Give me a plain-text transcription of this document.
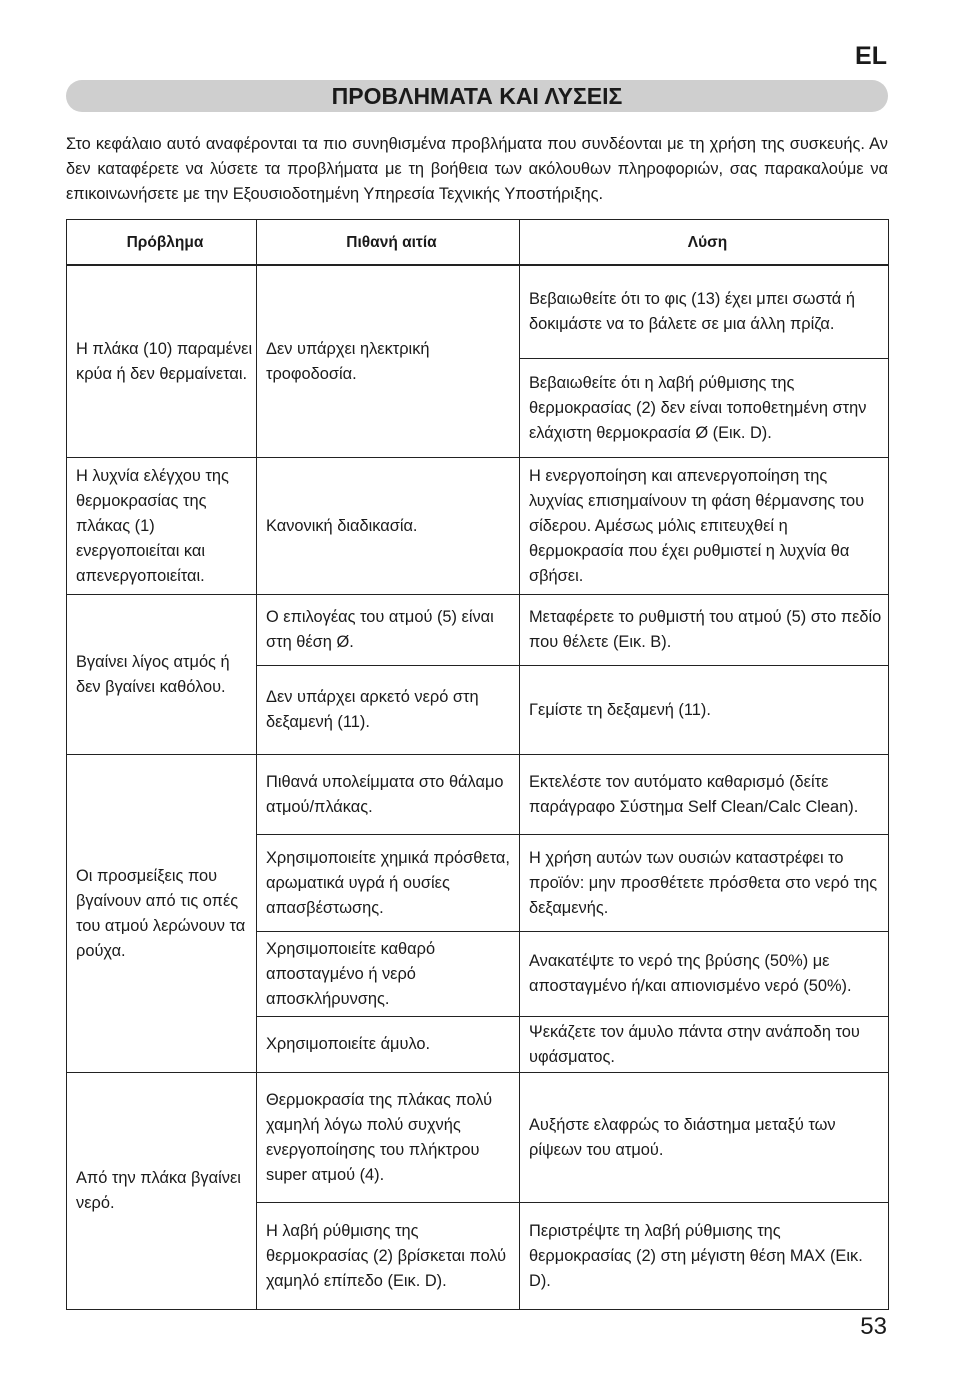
EL
ΠΡΟΒΛΗΜΑΤΑ ΚΑΙ ΛΥΣΕΙΣ

Στο κεφάλαιο αυτό αναφέρονται τα πιο συνηθισμένα προβλήματα που συνδέονται με τη χρήση της συσκευής. Αν δεν καταφέρετε να λύσετε τα προβλήματα με τη βοήθεια των ακόλουθων πληροφοριών, σας παρακαλούμε να επικοινωνήσετε με την Εξουσιοδοτημένη Υπηρεσία Τεχνικής Υποστήριξης.

Πρόβλημα	Πιθανή αιτία	Λύση
Η πλάκα (10) παραμένει κρύα ή δεν θερμαίνεται.	Δεν υπάρχει ηλεκτρική τροφοδοσία.	Βεβαιωθείτε ότι το φις (13) έχει μπει σωστά ή δοκιμάστε να το βάλετε σε μια άλλη πρίζα.
		Βεβαιωθείτε ότι η λαβή ρύθμισης της θερμοκρασίας (2) δεν είναι τοποθετημένη στην ελάχιστη θερμοκρασία Ø (Εικ. D).
Η λυχνία ελέγχου της θερμοκρασίας της πλάκας (1) ενεργοποιείται και απενεργοποιείται.	Κανονική διαδικασία.	Η ενεργοποίηση και απενεργοποίηση της λυχνίας επισημαίνουν τη φάση θέρμανσης του σίδερου. Αμέσως μόλις επιτευχθεί η θερμοκρασία που έχει ρυθμιστεί η λυχνία θα σβήσει.
Βγαίνει λίγος ατμός ή δεν βγαίνει καθόλου.	Ο επιλογέας του ατμού (5) είναι στη θέση Ø.	Μεταφέρετε το ρυθμιστή του ατμού (5) στο πεδίο που θέλετε (Εικ. B).
	Δεν υπάρχει αρκετό νερό στη δεξαμενή (11).	Γεμίστε τη δεξαμενή (11).
Οι προσμείξεις που βγαίνουν από τις οπές του ατμού λερώνουν τα ρούχα.	Πιθανά υπολείμματα στο θάλαμο ατμού/πλάκας.	Εκτελέστε τον αυτόματο καθαρισμό (δείτε παράγραφο Σύστημα Self Clean/Calc Clean).
	Χρησιμοποιείτε χημικά πρόσθετα, αρωματικά υγρά ή ουσίες απασβέστωσης.	Η χρήση αυτών των ουσιών καταστρέφει το προϊόν: μην προσθέτετε πρόσθετα στο νερό της δεξαμενής.
	Χρησιμοποιείτε καθαρό αποσταγμένο ή νερό αποσκλήρυνσης.	Ανακατέψτε το νερό της βρύσης (50%) με αποσταγμένο ή/και απιονισμένο νερό (50%).
	Χρησιμοποιείτε άμυλο.	Ψεκάζετε τον άμυλο πάντα στην ανάποδη του υφάσματος.
Από την πλάκα βγαίνει νερό.	Θερμοκρασία της πλάκας πολύ χαμηλή λόγω πολύ συχνής ενεργοποίησης του πλήκτρου super ατμού (4).	Αυξήστε ελαφρώς το διάστημα μεταξύ των ρίψεων του ατμού.
	Η λαβή ρύθμισης της θερμοκρασίας (2) βρίσκεται πολύ χαμηλό επίπεδο (Εικ. D).	Περιστρέψτε τη λαβή ρύθμισης της θερμοκρασίας (2) στη μέγιστη θέση MAX (Εικ. D).
53
